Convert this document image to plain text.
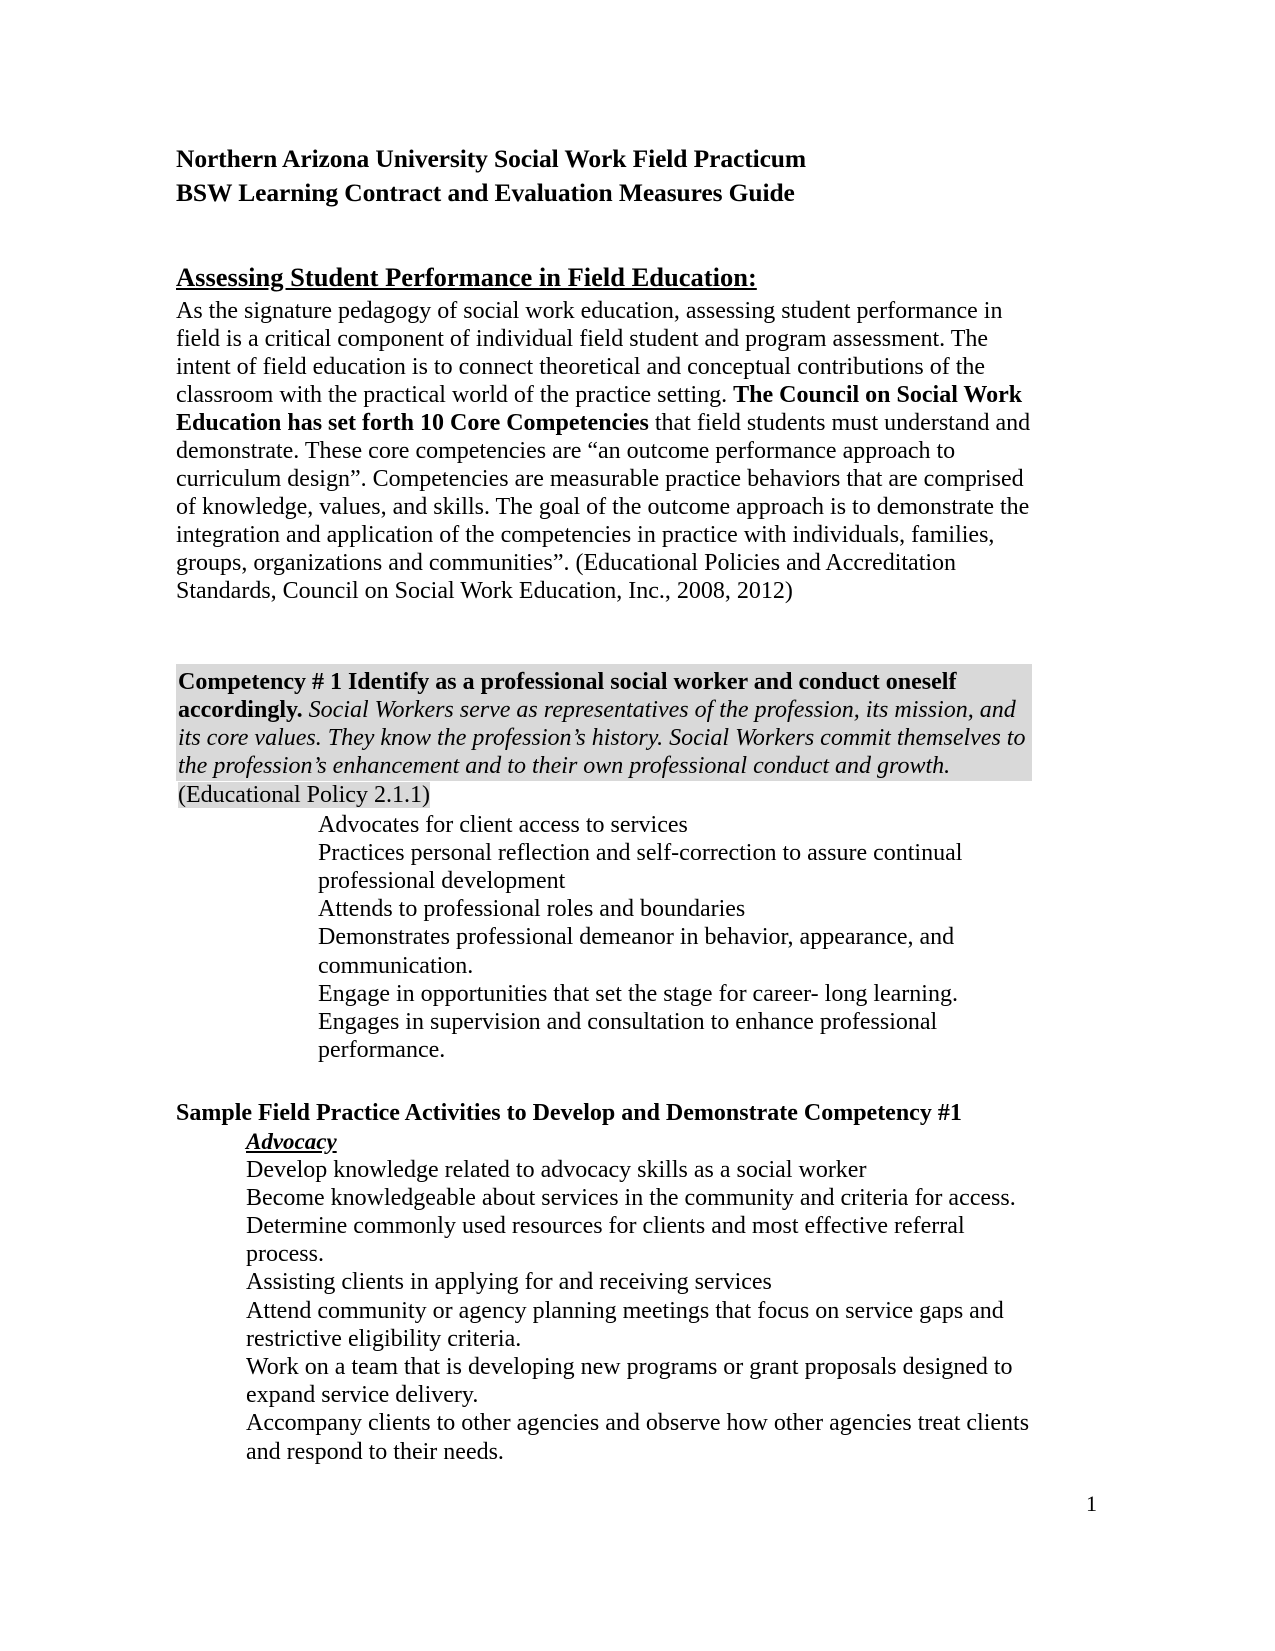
Northern Arizona University Social Work Field Practicum
BSW Learning Contract and Evaluation Measures Guide
Assessing Student Performance in Field Education:

As the signature pedagogy of social work education, assessing student performance in field is a critical component of individual field student and program assessment. The intent of field education is to connect theoretical and conceptual contributions of the classroom with the practical world of the practice setting. The Council on Social Work Education has set forth 10 Core Competencies that field students must understand and demonstrate. These core competencies are “an outcome performance approach to curriculum design”. Competencies are measurable practice behaviors that are comprised of knowledge, values, and skills. The goal of the outcome approach is to demonstrate the integration and application of the competencies in practice with individuals, families, groups, organizations and communities”. (Educational Policies and Accreditation Standards, Council on Social Work Education, Inc., 2008, 2012)

Competency # 1 Identify as a professional social worker and conduct oneself accordingly. Social Workers serve as representatives of the profession, its mission, and its core values. They know the profession’s history. Social Workers commit themselves to the profession’s enhancement and to their own professional conduct and growth.
(Educational Policy 2.1.1)
Advocates for client access to services
Practices personal reflection and self-correction to assure continual professional development
Attends to professional roles and boundaries
Demonstrates professional demeanor in behavior, appearance, and communication.
Engage in opportunities that set the stage for career- long learning.
Engages in supervision and consultation to enhance professional performance.
Sample Field Practice Activities to Develop and Demonstrate Competency #1
Advocacy
Develop knowledge related to advocacy skills as a social worker
Become knowledgeable about services in the community and criteria for access.
Determine commonly used resources for clients and most effective referral process.
Assisting clients in applying for and receiving services
Attend community or agency planning meetings that focus on service gaps and restrictive eligibility criteria.
Work on a team that is developing new programs or grant proposals designed to expand service delivery.
Accompany clients to other agencies and observe how other agencies treat clients and respond to their needs.
1
